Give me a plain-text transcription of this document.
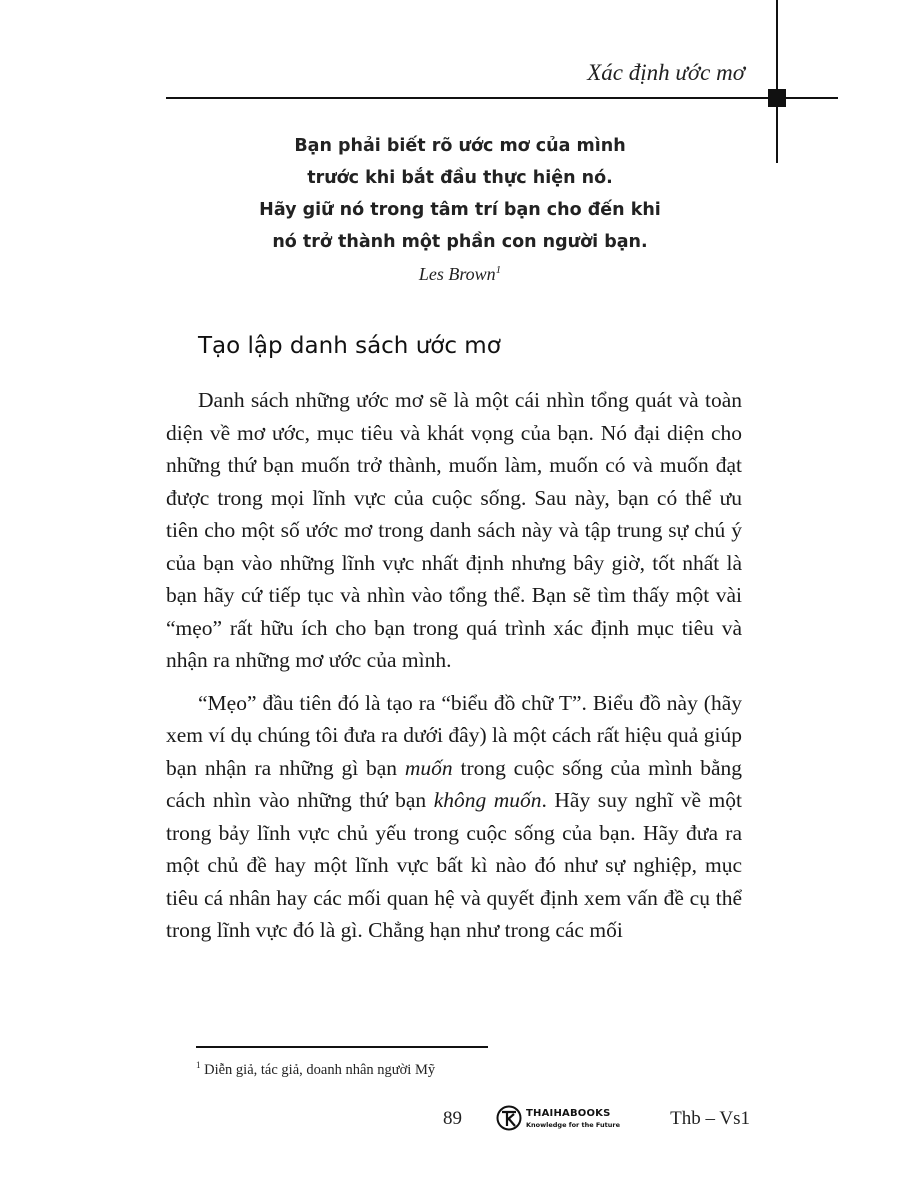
Xác định ước mơ
Bạn phải biết rõ ước mơ của mình
trước khi bắt đầu thực hiện nó.
Hãy giữ nó trong tâm trí bạn cho đến khi
nó trở thành một phần con người bạn.
Les Brown$^1$
Tạo lập danh sách ước mơ

Danh sách những ước mơ sẽ là một cái nhìn tổng quát và toàn diện về mơ ước, mục tiêu và khát vọng của bạn. Nó đại diện cho những thứ bạn muốn trở thành, muốn làm, muốn có và muốn đạt được trong mọi lĩnh vực của cuộc sống. Sau này, bạn có thể ưu tiên cho một số ước mơ trong danh sách này và tập trung sự chú ý của bạn vào những lĩnh vực nhất định nhưng bây giờ, tốt nhất là bạn hãy cứ tiếp tục và nhìn vào tổng thể. Bạn sẽ tìm thấy một vài “mẹo” rất hữu ích cho bạn trong quá trình xác định mục tiêu và nhận ra những mơ ước của mình.

“Mẹo” đầu tiên đó là tạo ra “biểu đồ chữ T”. Biểu đồ này (hãy xem ví dụ chúng tôi đưa ra dưới đây) là một cách rất hiệu quả giúp bạn nhận ra những gì bạn muốn trong cuộc sống của mình bằng cách nhìn vào những thứ bạn không muốn. Hãy suy nghĩ về một trong bảy lĩnh vực chủ yếu trong cuộc sống của bạn. Hãy đưa ra một chủ đề hay một lĩnh vực bất kì nào đó như sự nghiệp, mục tiêu cá nhân hay các mối quan hệ và quyết định xem vấn đề cụ thể trong lĩnh vực đó là gì. Chẳng hạn như trong các mối

$^1$ Diễn giả, tác giả, doanh nhân người Mỹ
89	THAIHABOOKS
Knowledge for the Future	Thb – Vs1
